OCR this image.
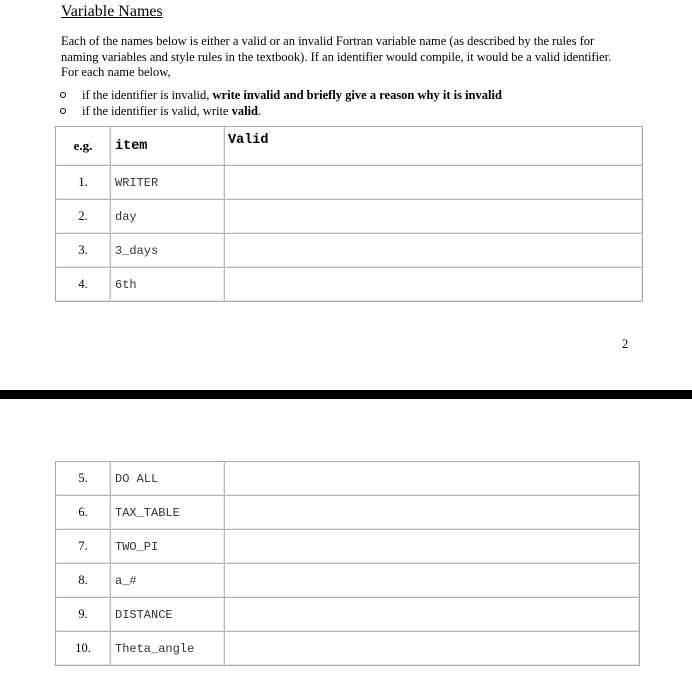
Variable Names
Each of the names below is either a valid or an invalid Fortran variable name (as described by the rules for naming variables and style rules in the textbook). If an identifier would compile, it would be a valid identifier. For each name below,
if the identifier is invalid, write invalid and briefly give a reason why it is invalid
if the identifier is valid, write valid.
e.g.	item	Valid
1.	WRITER	
2.	day	
3.	3_days	
4.	6th	
2
5.	DO ALL	
6.	TAX_TABLE	
7.	TWO_PI	
8.	a_#	
9.	DISTANCE	
10.	Theta_angle	
